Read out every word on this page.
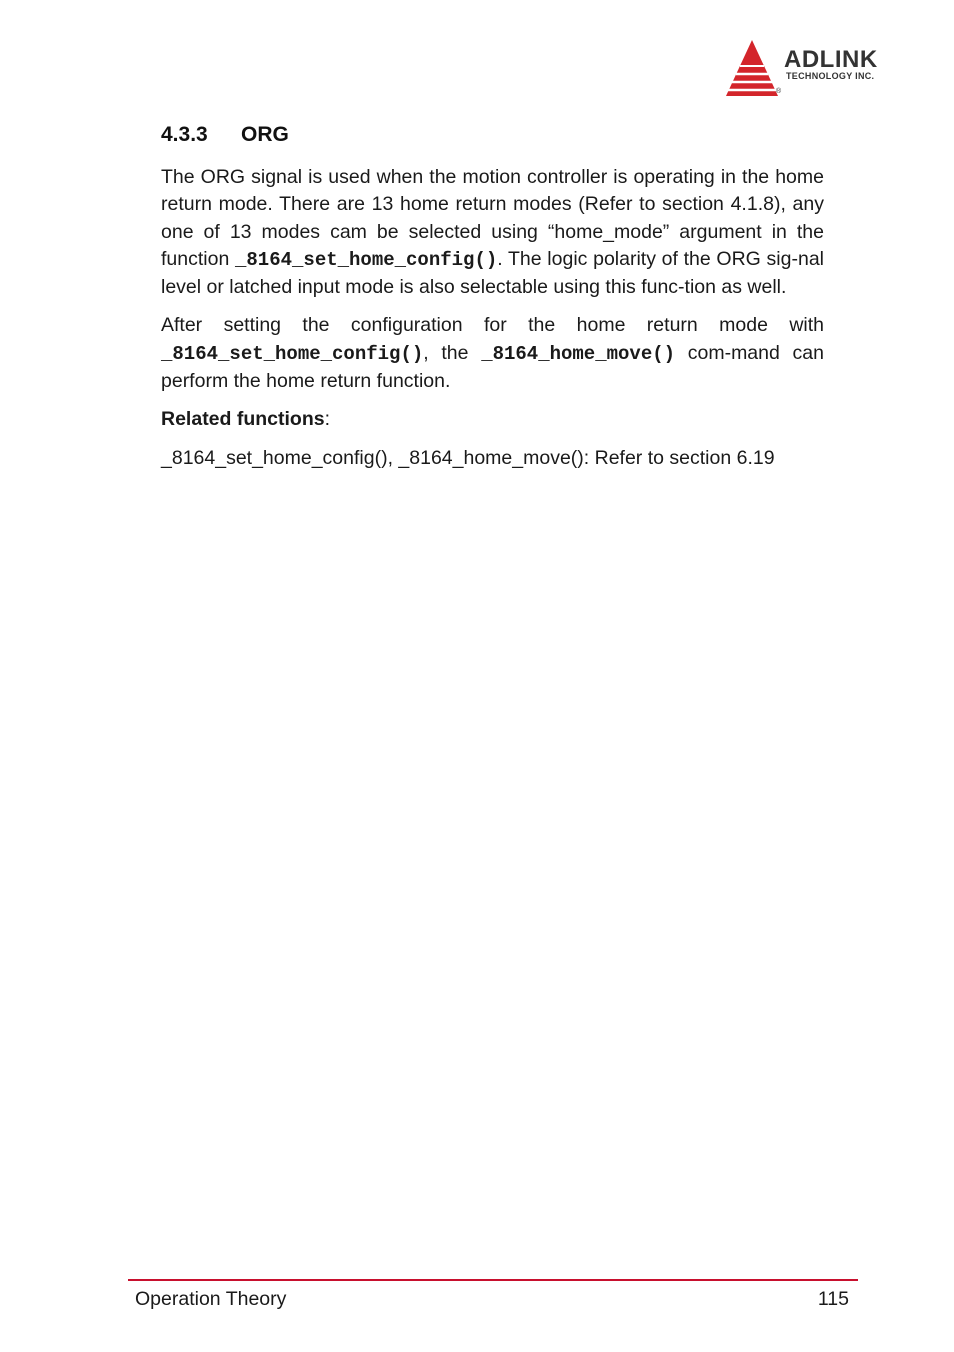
ADLINK
TECHNOLOGY INC.
®
4.3.3 ORG

The ORG signal is used when the motion controller is operating in the home return mode. There are 13 home return modes (Refer to section 4.1.8), any one of 13 modes cam be selected using “home_mode” argument in the function _8164_set_home_config(). The logic polarity of the ORG sig-nal level or latched input mode is also selectable using this func-tion as well.

After setting the configuration for the home return mode with _8164_set_home_config(), the _8164_home_move() com-mand can perform the home return function.

Related functions:

_8164_set_home_config(), _8164_home_move(): Refer to section 6.19

Operation Theory	115
